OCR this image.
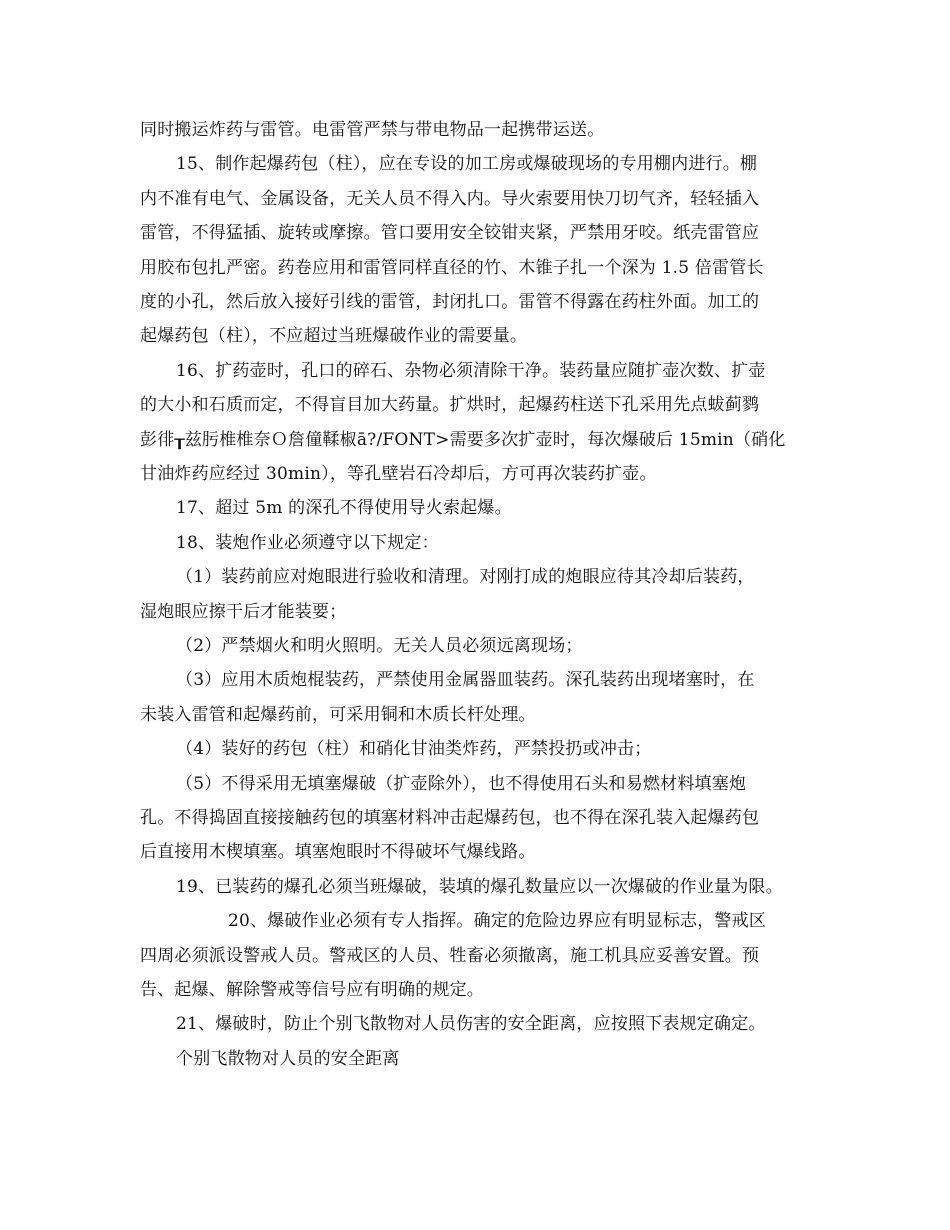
同时搬运炸药与雷管。电雷管严禁与带电物品一起携带运送。
15、制作起爆药包（柱），应在专设的加工房或爆破现场的专用棚内进行。棚
内不准有电气、金属设备，无关人员不得入内。导火索要用快刀切气齐，轻轻插入
雷管，不得猛插、旋转或摩擦。管口要用安全铰钳夹紧，严禁用牙咬。纸壳雷管应
用胶布包扎严密。药卷应用和雷管同样直径的竹、木锥子扎一个深为 1.5 倍雷管长
度的小孔，然后放入接好引线的雷管，封闭扎口。雷管不得露在药柱外面。加工的
起爆药包（柱），不应超过当班爆破作业的需要量。
16、扩药壶时，孔口的碎石、杂物必须清除干净。装药量应随扩壶次数、扩壶
的大小和石质而定，不得盲目加大药量。扩烘时，起爆药柱送下孔采用先点蛂蓟鹨
彭徘┰兹肟椎椎奈Ｏ詹僮鞣椒ā?/FONT>需要多次扩壶时，每次爆破后 15min（硝化
甘油炸药应经过 30min），等孔壁岩石冷却后，方可再次装药扩壶。
17、超过 5m 的深孔不得使用导火索起爆。
18、装炮作业必须遵守以下规定：
（1）装药前应对炮眼进行验收和清理。对刚打成的炮眼应待其冷却后装药，
湿炮眼应擦干后才能装要；
（2）严禁烟火和明火照明。无关人员必须远离现场；
（3）应用木质炮棍装药，严禁使用金属器皿装药。深孔装药出现堵塞时，在
未装入雷管和起爆药前，可采用铜和木质长杆处理。
（4）装好的药包（柱）和硝化甘油类炸药，严禁投扔或冲击；
（5）不得采用无填塞爆破（扩壶除外），也不得使用石头和易燃材料填塞炮
孔。不得捣固直接接触药包的填塞材料冲击起爆药包，也不得在深孔装入起爆药包
后直接用木楔填塞。填塞炮眼时不得破坏气爆线路。
19、已装药的爆孔必须当班爆破，装填的爆孔数量应以一次爆破的作业量为限。
20、爆破作业必须有专人指挥。确定的危险边界应有明显标志，警戒区
四周必须派设警戒人员。警戒区的人员、牲畜必须撤离，施工机具应妥善安置。预
告、起爆、解除警戒等信号应有明确的规定。
21、爆破时，防止个别飞散物对人员伤害的安全距离，应按照下表规定确定。
个别飞散物对人员的安全距离
